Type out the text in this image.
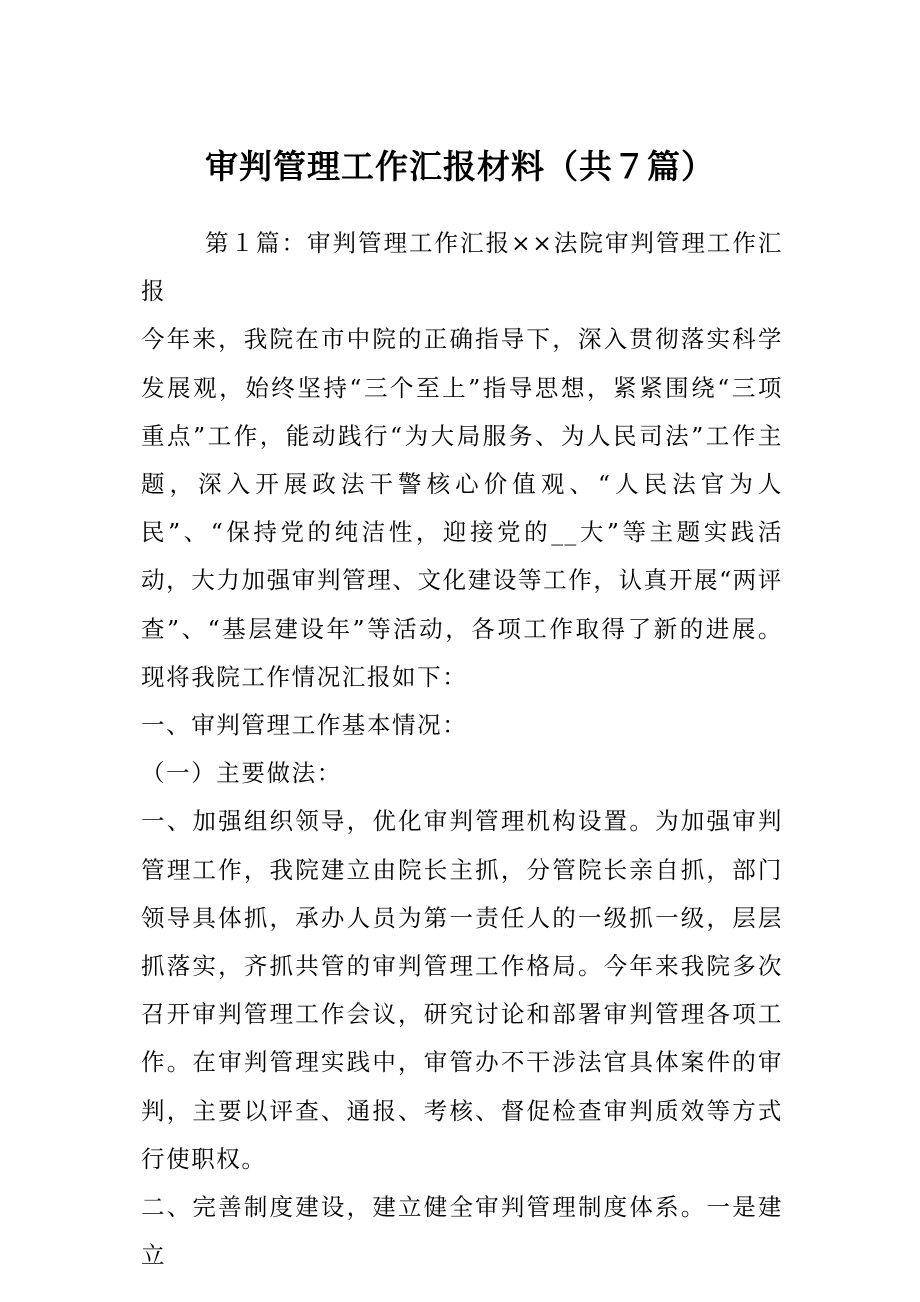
审判管理工作汇报材料（共７篇）

第１篇：审判管理工作汇报××法院审判管理工作汇报

今年来，我院在市中院的正确指导下，深入贯彻落实科学发展观，始终坚持“三个至上”指导思想，紧紧围绕“三项重点”工作，能动践行“为大局服务、为人民司法”工作主题，深入开展政法干警核心价值观、“人民法官为人民”、“保持党的纯洁性，迎接党的__大”等主题实践活动，大力加强审判管理、文化建设等工作，认真开展“两评查”、“基层建设年”等活动，各项工作取得了新的进展。现将我院工作情况汇报如下：

一、审判管理工作基本情况：

（一）主要做法：

一、加强组织领导，优化审判管理机构设置。为加强审判管理工作，我院建立由院长主抓，分管院长亲自抓，部门领导具体抓，承办人员为第一责任人的一级抓一级，层层抓落实，齐抓共管的审判管理工作格局。今年来我院多次召开审判管理工作会议，研究讨论和部署审判管理各项工作。在审判管理实践中，审管办不干涉法官具体案件的审判，主要以评查、通报、考核、督促检查审判质效等方式行使职权。

二、完善制度建设，建立健全审判管理制度体系。一是建立
